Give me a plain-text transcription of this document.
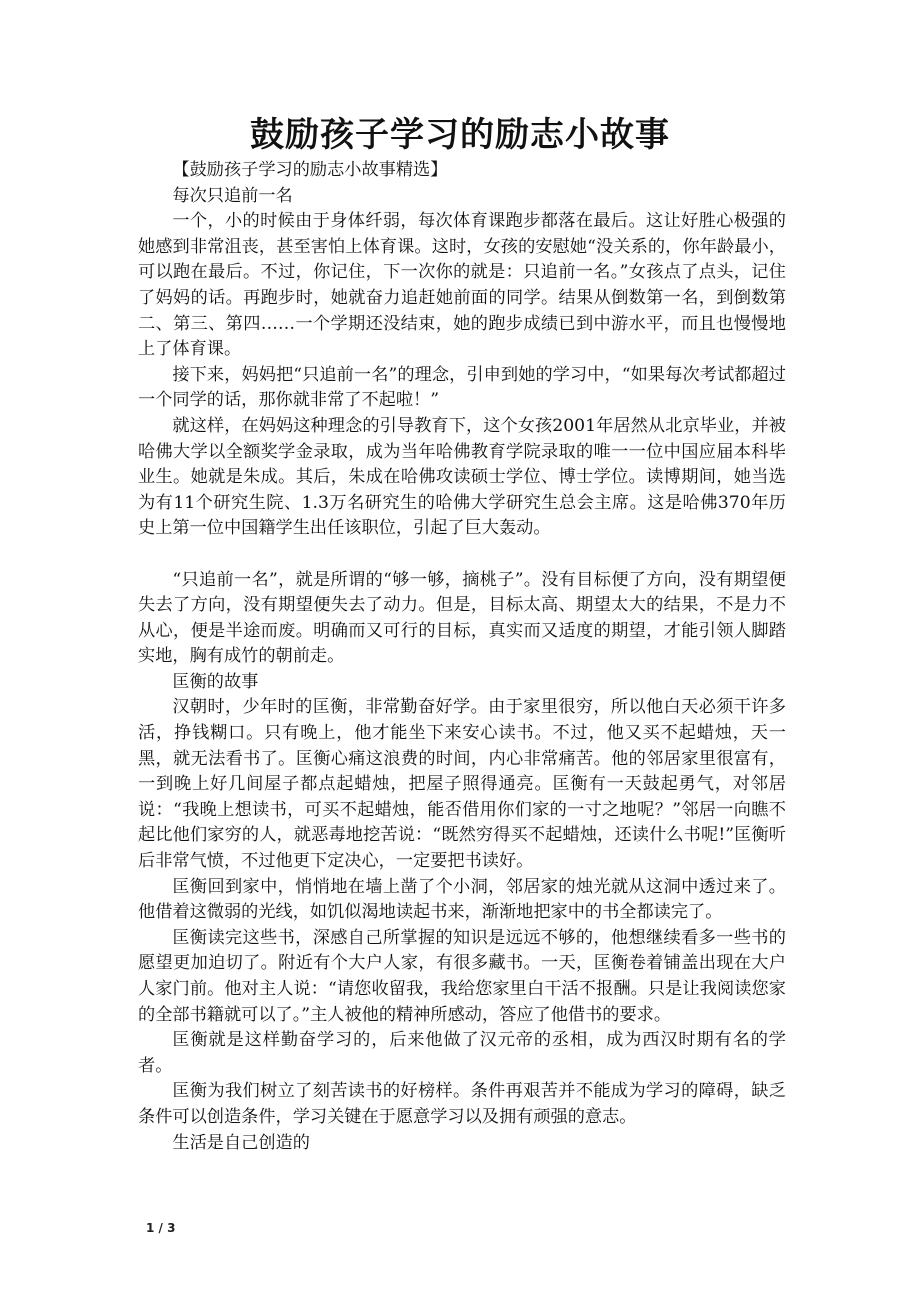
鼓励孩子学习的励志小故事

【鼓励孩子学习的励志小故事精选】

每次只追前一名

一个，小的时候由于身体纤弱，每次体育课跑步都落在最后。这让好胜心极强的她感到非常沮丧，甚至害怕上体育课。这时，女孩的安慰她“没关系的，你年龄最小，可以跑在最后。不过，你记住，下一次你的就是：只追前一名。”女孩点了点头，记住了妈妈的话。再跑步时，她就奋力追赶她前面的同学。结果从倒数第一名，到倒数第二、第三、第四……一个学期还没结束，她的跑步成绩已到中游水平，而且也慢慢地上了体育课。

接下来，妈妈把“只追前一名”的理念，引申到她的学习中，“如果每次考试都超过一个同学的话，那你就非常了不起啦！”

就这样，在妈妈这种理念的引导教育下，这个女孩2001年居然从北京毕业，并被哈佛大学以全额奖学金录取，成为当年哈佛教育学院录取的唯一一位中国应届本科毕业生。她就是朱成。其后，朱成在哈佛攻读硕士学位、博士学位。读博期间，她当选为有11个研究生院、1.3万名研究生的哈佛大学研究生总会主席。这是哈佛370年历史上第一位中国籍学生出任该职位，引起了巨大轰动。

“只追前一名”，就是所谓的“够一够，摘桃子”。没有目标便了方向，没有期望便失去了方向，没有期望便失去了动力。但是，目标太高、期望太大的结果，不是力不从心，便是半途而废。明确而又可行的目标，真实而又适度的期望，才能引领人脚踏实地，胸有成竹的朝前走。

匡衡的故事

汉朝时，少年时的匡衡，非常勤奋好学。由于家里很穷，所以他白天必须干许多活，挣钱糊口。只有晚上，他才能坐下来安心读书。不过，他又买不起蜡烛，天一黑，就无法看书了。匡衡心痛这浪费的时间，内心非常痛苦。他的邻居家里很富有，一到晚上好几间屋子都点起蜡烛，把屋子照得通亮。匡衡有一天鼓起勇气，对邻居说：“我晚上想读书，可买不起蜡烛，能否借用你们家的一寸之地呢？”邻居一向瞧不起比他们家穷的人，就恶毒地挖苦说：“既然穷得买不起蜡烛，还读什么书呢!”匡衡听后非常气愤，不过他更下定决心，一定要把书读好。

匡衡回到家中，悄悄地在墙上凿了个小洞，邻居家的烛光就从这洞中透过来了。他借着这微弱的光线，如饥似渴地读起书来，渐渐地把家中的书全都读完了。

匡衡读完这些书，深感自己所掌握的知识是远远不够的，他想继续看多一些书的愿望更加迫切了。附近有个大户人家，有很多藏书。一天，匡衡卷着铺盖出现在大户人家门前。他对主人说：“请您收留我，我给您家里白干活不报酬。只是让我阅读您家的全部书籍就可以了。”主人被他的精神所感动，答应了他借书的要求。

匡衡就是这样勤奋学习的，后来他做了汉元帝的丞相，成为西汉时期有名的学者。

匡衡为我们树立了刻苦读书的好榜样。条件再艰苦并不能成为学习的障碍，缺乏条件可以创造条件，学习关键在于愿意学习以及拥有顽强的意志。

生活是自己创造的

1 / 3
